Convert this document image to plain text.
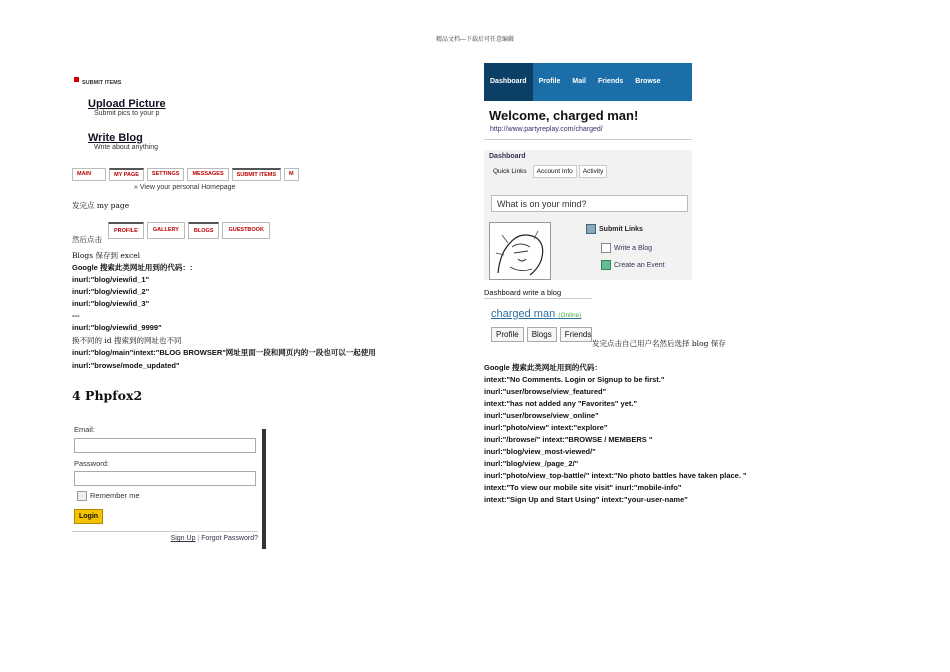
精品文档---下载后可任意编辑
SUBMIT ITEMS
Upload Picture
Submit pics to your p
Write Blog
Write about anything
MAIN	MY PAGE	SETTINGS	MESSAGES	SUBMIT ITEMS	M
» View your personal Homepage
发完点 my page
然后点击
PROFILE	GALLERY	BLOGS	GUESTBOOK
Blogs 保存到 excel
Google 搜索此类网址用到的代码：:
inurl:"blog/view/id_1"
inurl:"blog/view/id_2"
inurl:"blog/view/id_3"
---
inurl:"blog/view/id_9999"
换不同的 id 搜索到的网址也不同
inurl:"blog/main"intext:"BLOG BROWSER"网址里面一段和网页内的一段也可以一起使用
inurl:"browse/mode_updated"
4 Phpfox2
Email:
Password:
Remember me
Login
Sign Up | Forgot Password?
Dashboard	Profile	Mail	Friends	Browse
Welcome, charged man!
http://www.partyreplay.com/charged/
Dashboard
Quick Links	Account Info	Activity
What is on your mind?
Submit Links
Write a Blog
Create an Event
Dashboard write a blog
charged man (Online)
Profile	Blogs	Friends
发完点击自己用户名然后选择 blog 保存
Google 搜索此类网址用到的代码：
intext:"No Comments. Login or Signup to be first."
inurl:"user/browse/view_featured"
intext:"has not added any "Favorites" yet."
inurl:"user/browse/view_online"
inurl:"photo/view" intext:"explore"
inurl:"/browse/" intext:"BROWSE / MEMBERS "
inurl:"blog/view_most-viewed/"
inurl:"blog/view_/page_2/"
inurl:"photo/view_top-battle/" intext:"No photo battles have taken place. "
intext:"To view our mobile site visit" inurl:"mobile-info"
intext:"Sign Up and Start Using" intext:"your-user-name"
